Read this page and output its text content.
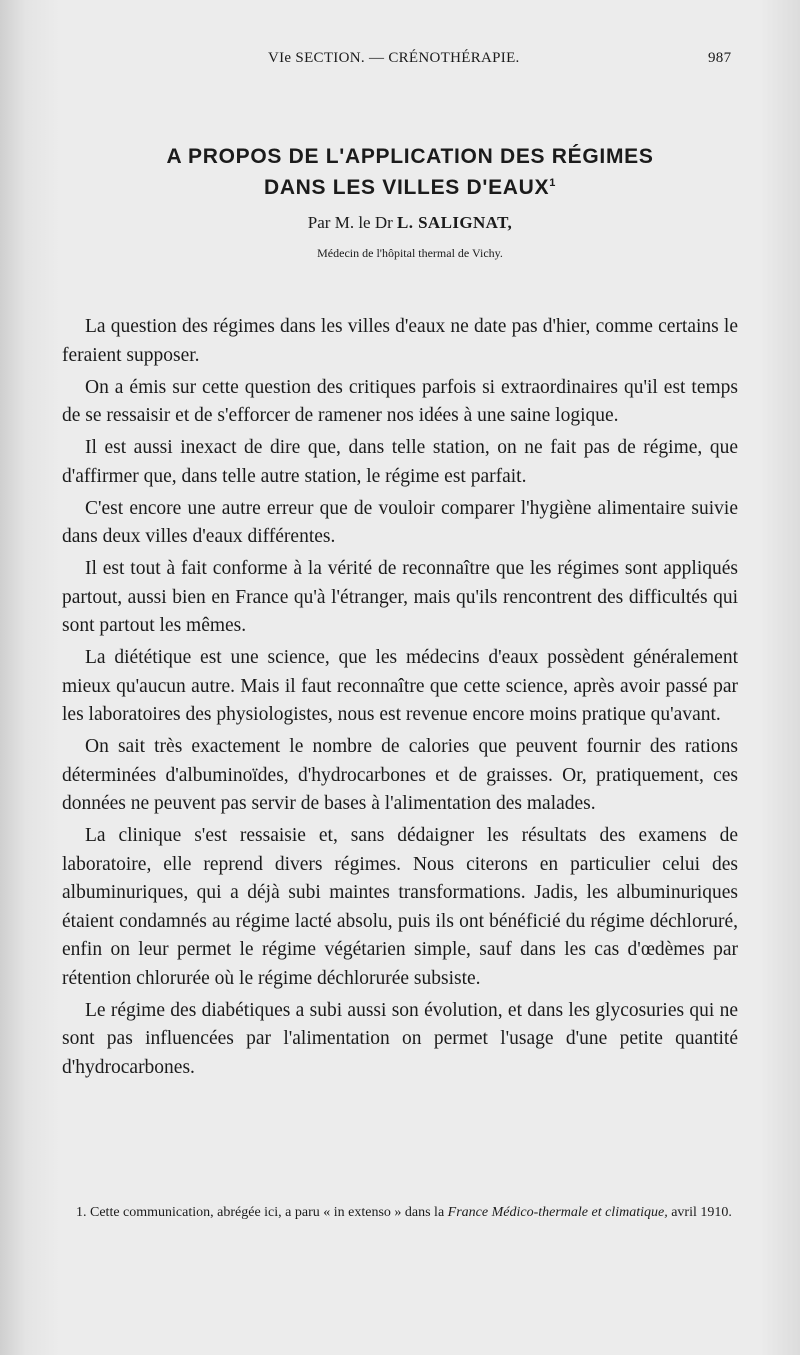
VIe SECTION. — CRÉNOTHÉRAPIE.	987
A PROPOS DE L'APPLICATION DES RÉGIMES
DANS LES VILLES D'EAUX$^1$
Par M. le Dr L. SALIGNAT,
Médecin de l'hôpital thermal de Vichy.

La question des régimes dans les villes d'eaux ne date pas d'hier, comme certains le feraient supposer.

On a émis sur cette question des critiques parfois si extraordinaires qu'il est temps de se ressaisir et de s'efforcer de ramener nos idées à une saine logique.

Il est aussi inexact de dire que, dans telle station, on ne fait pas de régime, que d'affirmer que, dans telle autre station, le régime est parfait.

C'est encore une autre erreur que de vouloir comparer l'hygiène alimentaire suivie dans deux villes d'eaux différentes.

Il est tout à fait conforme à la vérité de reconnaître que les régimes sont appliqués partout, aussi bien en France qu'à l'étranger, mais qu'ils rencontrent des difficultés qui sont partout les mêmes.

La diététique est une science, que les médecins d'eaux possèdent généralement mieux qu'aucun autre. Mais il faut reconnaître que cette science, après avoir passé par les laboratoires des physiologistes, nous est revenue encore moins pratique qu'avant.

On sait très exactement le nombre de calories que peuvent fournir des rations déterminées d'albuminoïdes, d'hydrocarbones et de graisses. Or, pratiquement, ces données ne peuvent pas servir de bases à l'alimentation des malades.

La clinique s'est ressaisie et, sans dédaigner les résultats des examens de laboratoire, elle reprend divers régimes. Nous citerons en particulier celui des albuminuriques, qui a déjà subi maintes transformations. Jadis, les albuminuriques étaient condamnés au régime lacté absolu, puis ils ont bénéficié du régime déchloruré, enfin on leur permet le régime végétarien simple, sauf dans les cas d'œdèmes par rétention chlorurée où le régime déchlorurée subsiste.

Le régime des diabétiques a subi aussi son évolution, et dans les glycosuries qui ne sont pas influencées par l'alimentation on permet l'usage d'une petite quantité d'hydrocarbones.

1. Cette communication, abrégée ici, a paru « in extenso » dans la France Médico-thermale et climatique, avril 1910.
